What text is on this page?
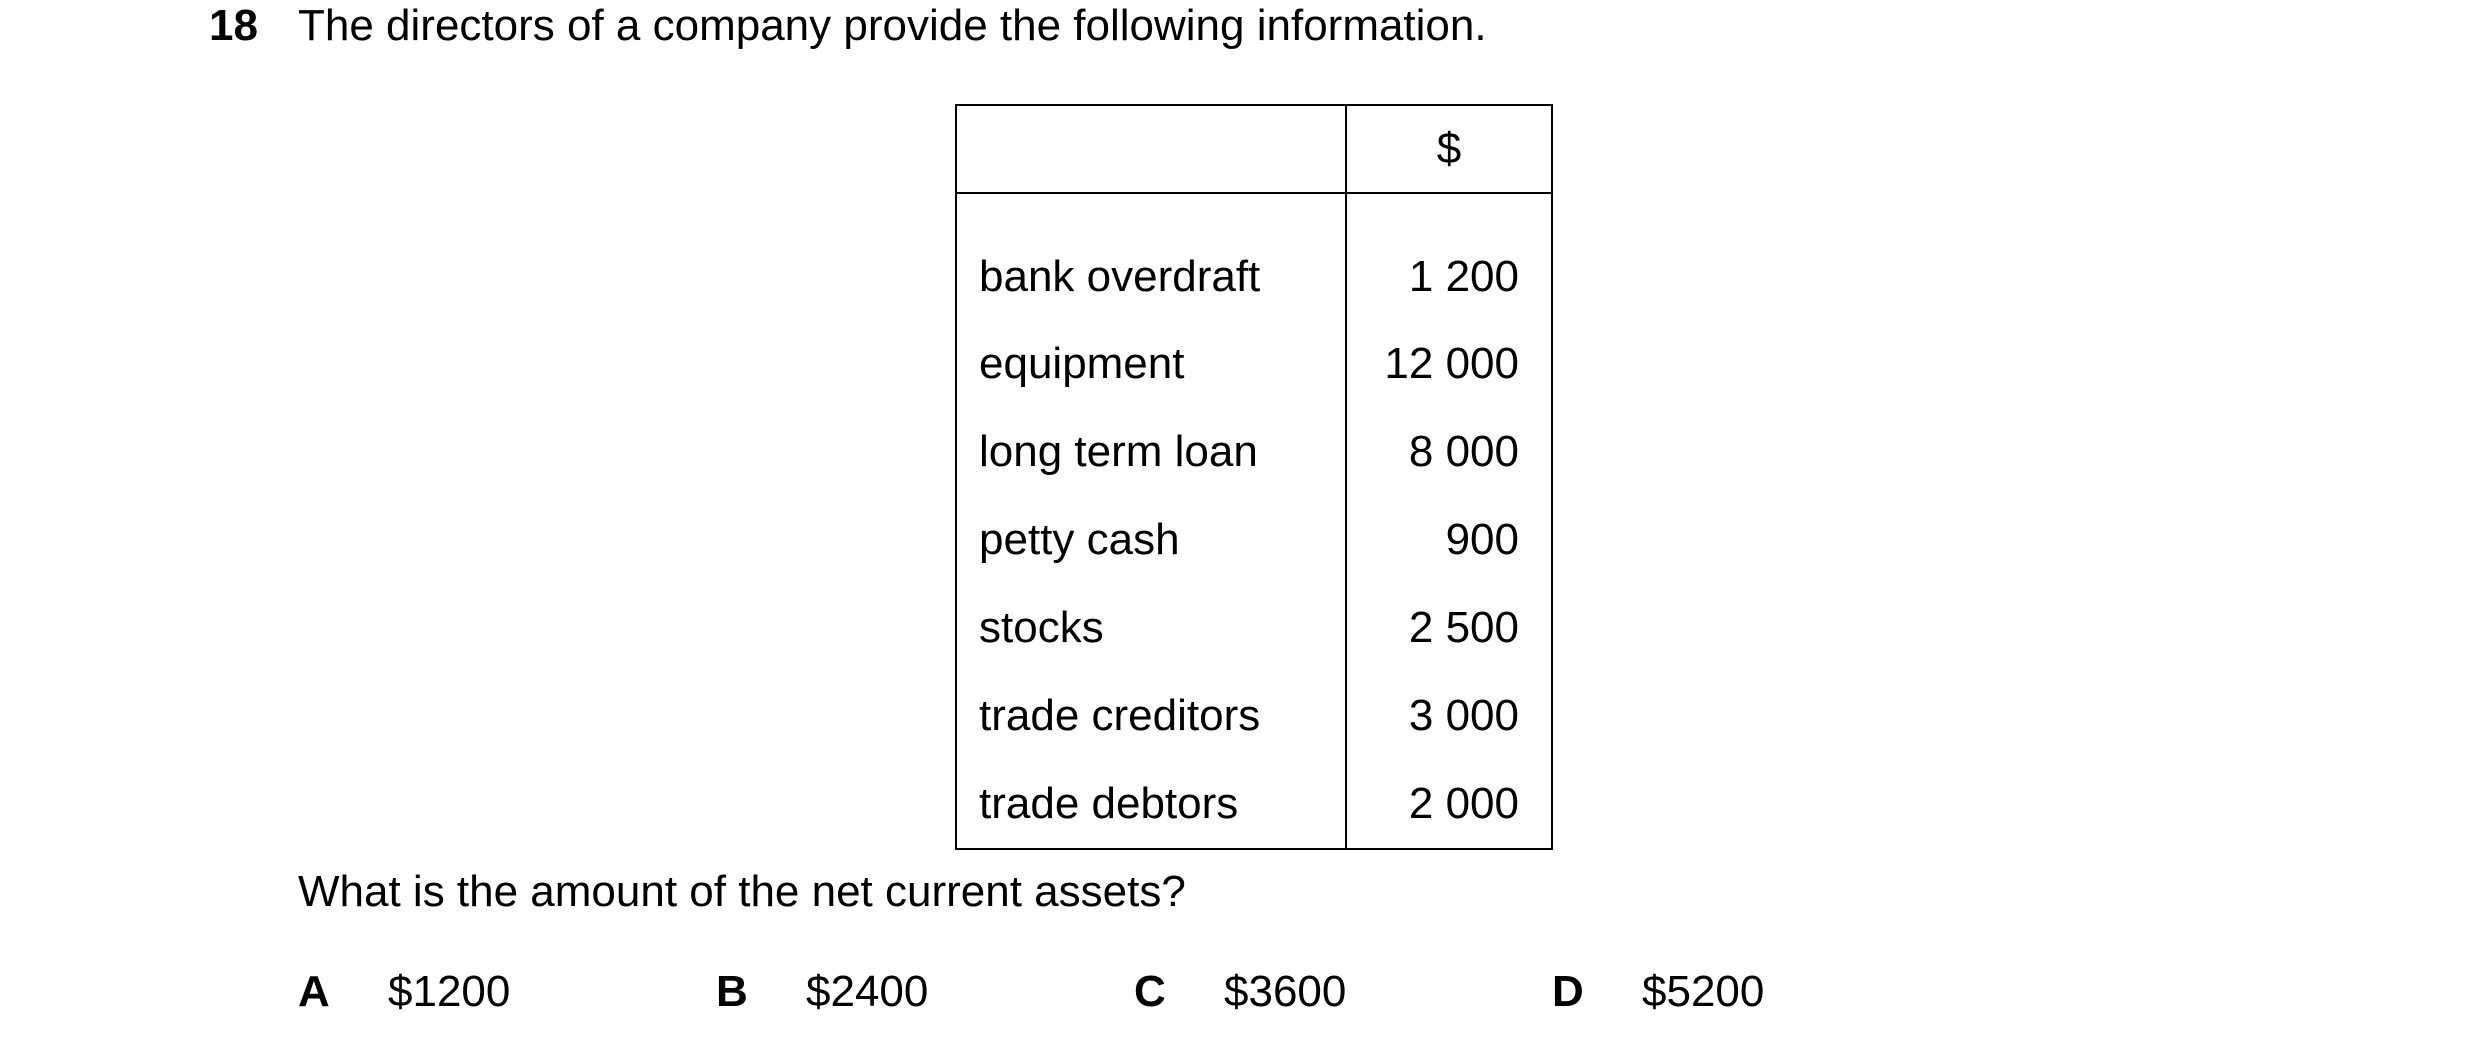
18 The directors of a company provide the following information.
	$
bank overdraft	1 200
equipment	12 000
long term loan	8 000
petty cash	900
stocks	2 500
trade creditors	3 000
trade debtors	2 000
What is the amount of the net current assets?
A $1200	B $2400	C $3600	D $5200
